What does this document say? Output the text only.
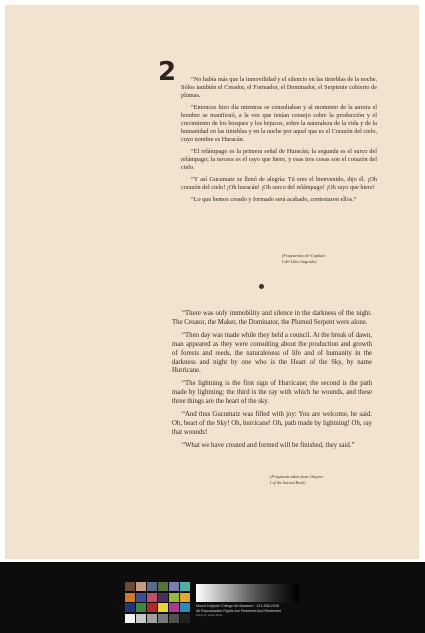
2	“No había más que la inmovilidad y el silencio en las tinieblas de la noche. Sólos también el Creador, el Formador, el Dominador, el Serpiente cubierto de plumas.

“Entonces hizo día mientras se consultaban y al momento de la aurora el hombre se manifestó, a la vez que tenían consejo sobre la producción y el crecimiento de los bosques y los bejucos, sobre la naturaleza de la vida y de la humanidad en las tinieblas y en la noche por aquel que es el Corazón del cielo, cuyo nombre es Huracán.

“El relámpago es la primera señal de Huracán; la segunda es el surco del relámpago; la tercera es el rayo que hiere, y esas tres cosas son el corazón del cielo.

“Y así Gucumatz se llenó de alegría: Tú eres el bienvenido, dijo él. ¡Oh corazón del cielo! ¡Oh huracán! ¡Oh surco del relámpago! ¡Oh rayo que hiere!

“Lo que hemos creado y formado será acabado, contestaron ellos.”

(Fragmentos del Capítulo
I del Libro Sagrado)

“There was only immobility and silence in the darkness of the night. The Creator, the Maker, the Dominator, the Plumed Serpent were alone.

“Then day was made while they held a council. At the break of dawn, man appeared as they were consulting about the production and growth of forests and reeds, the naturaleness of life and of humanity in the darkness and night by one who is the Heart of the Sky, by name Hurricane.

“The lightning is the first sign of Hurricane; the second is the path made by lightning; the third is the ray with which he wounds, and these three things are the heart of the sky.

“And thus Gucumatz was filled with joy: You are welcome, he said. Oh, heart of the Sky! Oh, hurricane! Oh, path made by lightning! Oh, ray that wounds!

“What we have created and formed will be finished, they said.”

(Fragments taken from Chapter
I of the Sacred Book)
Mount Holyoke College Art Museum · 413-538-2245
All Reproduction Rights Are Reserved And Restricted
Photo by Laura Shea
